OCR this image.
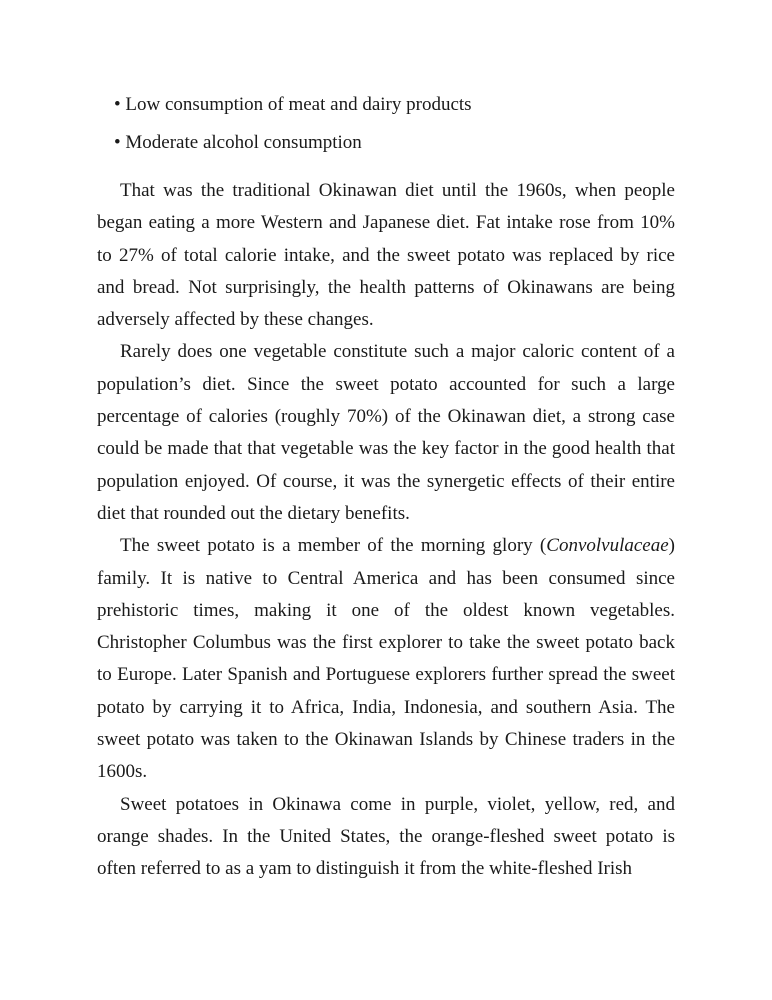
• Low consumption of meat and dairy products

• Moderate alcohol consumption

That was the traditional Okinawan diet until the 1960s, when people began eating a more Western and Japanese diet. Fat intake rose from 10% to 27% of total calorie intake, and the sweet potato was replaced by rice and bread. Not surprisingly, the health patterns of Okinawans are being adversely affected by these changes.

Rarely does one vegetable constitute such a major caloric content of a population’s diet. Since the sweet potato accounted for such a large percentage of calories (roughly 70%) of the Okinawan diet, a strong case could be made that that vegetable was the key factor in the good health that population enjoyed. Of course, it was the synergetic effects of their entire diet that rounded out the dietary benefits.

The sweet potato is a member of the morning glory (Convolvulaceae) family. It is native to Central America and has been consumed since prehistoric times, making it one of the oldest known vegetables. Christopher Columbus was the first explorer to take the sweet potato back to Europe. Later Spanish and Portuguese explorers further spread the sweet potato by carrying it to Africa, India, Indonesia, and southern Asia. The sweet potato was taken to the Okinawan Islands by Chinese traders in the 1600s.

Sweet potatoes in Okinawa come in purple, violet, yellow, red, and orange shades. In the United States, the orange-fleshed sweet potato is often referred to as a yam to distinguish it from the white-fleshed Irish
